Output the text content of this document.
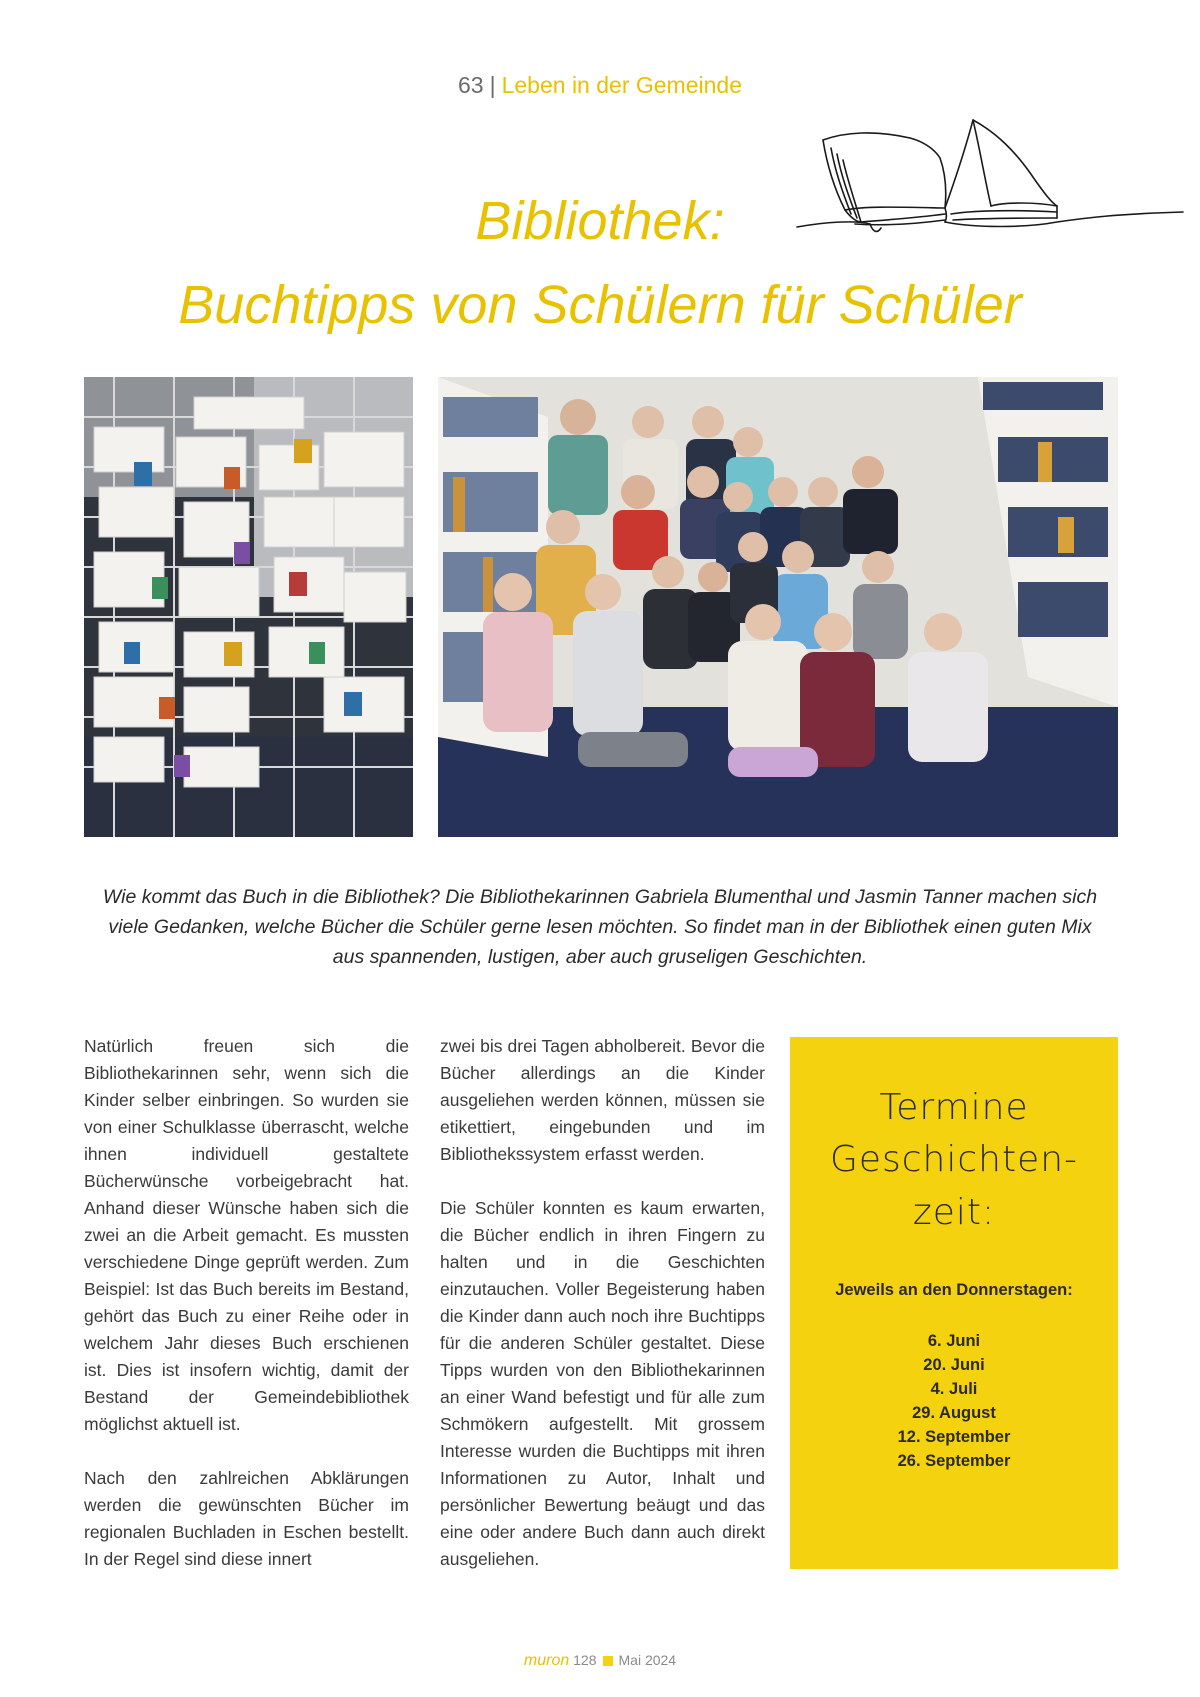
63 | Leben in der Gemeinde
Bibliothek:
Buchtipps von Schülern für Schüler
Wie kommt das Buch in die Bibliothek? Die Bibliothekarinnen Gabriela Blumenthal und Jasmin Tanner machen sich viele Gedanken, welche Bücher die Schüler gerne lesen möchten. So findet man in der Bibliothek einen guten Mix aus spannenden, lustigen, aber auch gruseligen Geschichten.

Natürlich freuen sich die Bibliothekarinnen sehr, wenn sich die Kinder selber einbringen. So wurden sie von einer Schulklasse überrascht, welche ihnen individuell gestaltete Bücherwünsche vorbeigebracht hat. Anhand dieser Wünsche haben sich die zwei an die Arbeit gemacht. Es mussten verschiedene Dinge geprüft werden. Zum Beispiel: Ist das Buch bereits im Bestand, gehört das Buch zu einer Reihe oder in welchem Jahr dieses Buch erschienen ist. Dies ist insofern wichtig, damit der Bestand der Gemeindebibliothek möglichst aktuell ist.

Nach den zahlreichen Abklärungen werden die gewünschten Bücher im regionalen Buchladen in Eschen bestellt. In der Regel sind diese innert

zwei bis drei Tagen abholbereit. Bevor die Bücher allerdings an die Kinder ausgeliehen werden können, müssen sie etikettiert, eingebunden und im Bibliothekssystem erfasst werden.

Die Schüler konnten es kaum erwarten, die Bücher endlich in ihren Fingern zu halten und in die Geschichten einzutauchen. Voller Begeisterung haben die Kinder dann auch noch ihre Buchtipps für die anderen Schüler gestaltet. Diese Tipps wurden von den Bibliothekarinnen an einer Wand befestigt und für alle zum Schmökern aufgestellt. Mit grossem Interesse wurden die Buchtipps mit ihren Informationen zu Autor, Inhalt und persönlicher Bewertung beäugt und das eine oder andere Buch dann auch direkt ausgeliehen.

Termine
Geschichten-
zeit:
Jeweils an den Donnerstagen:
6. Juni
20. Juni
4. Juli
29. August
12. September
26. September
muron 128 Mai 2024
